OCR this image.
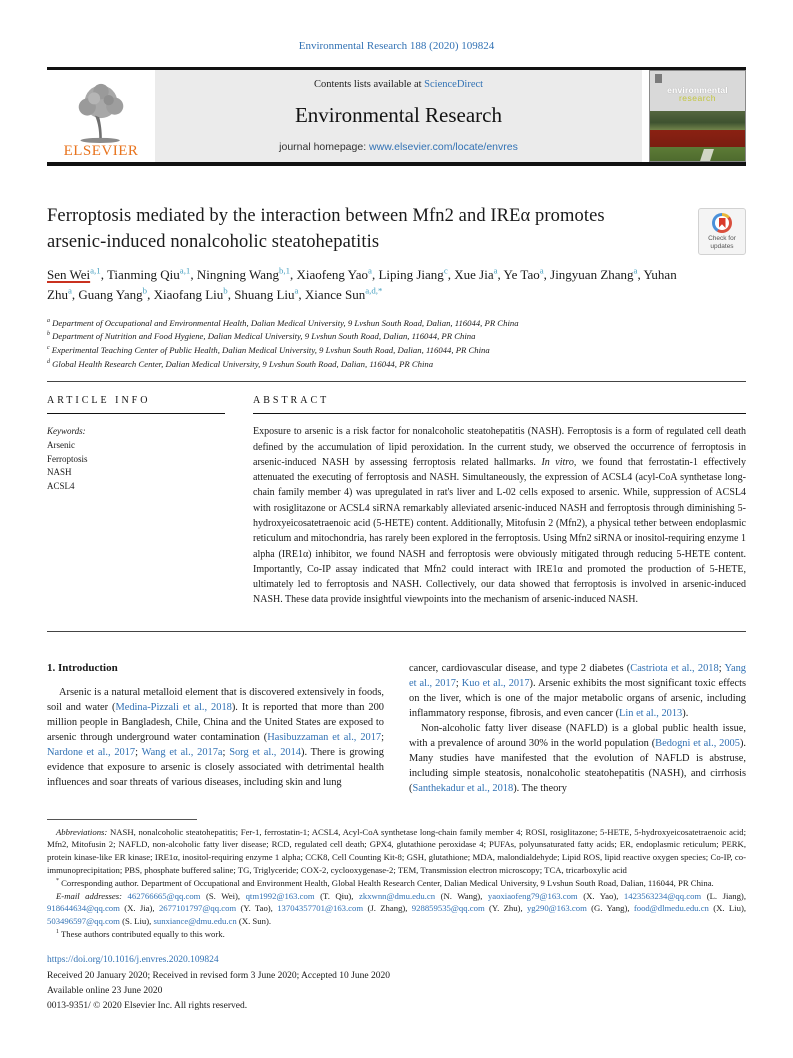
Environmental Research 188 (2020) 109824
ELSEVIER
Contents lists available at ScienceDirect
Environmental Research
journal homepage: www.elsevier.com/locate/envres
environmental
research
Ferroptosis mediated by the interaction between Mfn2 and IREα promotes arsenic-induced nonalcoholic steatohepatitis	Check for updates

Sen Wei$^{a,1}$, Tianming Qiu$^{a,1}$, Ningning Wang$^{b,1}$, Xiaofeng Yao$^a$, Liping Jiang$^c$, Xue Jia$^a$, Ye Tao$^a$, Jingyuan Zhang$^a$, Yuhan Zhu$^a$, Guang Yang$^b$, Xiaofang Liu$^b$, Shuang Liu$^a$, Xiance Sun$^{a,d,*}$

$^a$ Department of Occupational and Environmental Health, Dalian Medical University, 9 Lvshun South Road, Dalian, 116044, PR China
$^b$ Department of Nutrition and Food Hygiene, Dalian Medical University, 9 Lvshun South Road, Dalian, 116044, PR China
$^c$ Experimental Teaching Center of Public Health, Dalian Medical University, 9 Lvshun South Road, Dalian, 116044, PR China
$^d$ Global Health Research Center, Dalian Medical University, 9 Lvshun South Road, Dalian, 116044, PR China
ARTICLE INFO
Keywords:
Arsenic
Ferroptosis
NASH
ACSL4
ABSTRACT

Exposure to arsenic is a risk factor for nonalcoholic steatohepatitis (NASH). Ferroptosis is a form of regulated cell death defined by the accumulation of lipid peroxidation. In the current study, we observed the occurrence of ferroptosis in arsenic-induced NASH by assessing ferroptosis related hallmarks. In vitro, we found that ferrostatin-1 effectively attenuated the executing of ferroptosis and NASH. Simultaneously, the expression of ACSL4 (acyl-CoA synthetase long-chain family member 4) was upregulated in rat's liver and L-02 cells exposed to arsenic. While, suppression of ACSL4 with rosiglitazone or ACSL4 siRNA remarkably alleviated arsenic-induced NASH and ferroptosis through diminishing 5-hydroxyeicosatetraenoic acid (5-HETE) content. Additionally, Mitofusin 2 (Mfn2), a physical tether between endoplasmic reticulum and mitochondria, has rarely been explored in the ferroptosis. Using Mfn2 siRNA or inositol-requiring enzyme 1 alpha (IRE1α) inhibitor, we found NASH and ferroptosis were obviously mitigated through reducing 5-HETE content. Importantly, Co-IP assay indicated that Mfn2 could interact with IRE1α and promoted the production of 5-HETE, ultimately led to ferroptosis and NASH. Collectively, our data showed that ferroptosis is involved in arsenic-induced NASH. These data provide insightful viewpoints into the mechanism of arsenic-induced NASH.

1. Introduction

Arsenic is a natural metalloid element that is discovered extensively in foods, soil and water (Medina-Pizzali et al., 2018). It is reported that more than 200 million people in Bangladesh, Chile, China and the United States are exposed to arsenic through underground water contamination (Hasibuzzaman et al., 2017; Nardone et al., 2017; Wang et al., 2017a; Sorg et al., 2014). There is growing evidence that exposure to arsenic is closely associated with detrimental health influences and soar threats of various diseases, including skin and lung

cancer, cardiovascular disease, and type 2 diabetes (Castriota et al., 2018; Yang et al., 2017; Kuo et al., 2017). Arsenic exhibits the most significant toxic effects on the liver, which is one of the major metabolic organs of arsenic, including inflammatory response, fibrosis, and even cancer (Lin et al., 2013).

Non-alcoholic fatty liver disease (NAFLD) is a global public health issue, with a prevalence of around 30% in the world population (Bedogni et al., 2005). Many studies have manifested that the evolution of NAFLD is abstruse, including simple steatosis, nonalcoholic steatohepatitis (NASH), and cirrhosis (Santhekadur et al., 2018). The theory

Abbreviations: NASH, nonalcoholic steatohepatitis; Fer-1, ferrostatin-1; ACSL4, Acyl-CoA synthetase long-chain family member 4; ROSI, rosiglitazone; 5-HETE, 5-hydroxyeicosatetraenoic acid; Mfn2, Mitofusin 2; NAFLD, non-alcoholic fatty liver disease; RCD, regulated cell death; GPX4, glutathione peroxidase 4; PUFAs, polyunsaturated fatty acids; ER, endoplasmic reticulum; PERK, protein kinase-like ER kinase; IRE1α, inositol-requiring enzyme 1 alpha; CCK8, Cell Counting Kit-8; GSH, glutathione; MDA, malondialdehyde; Lipid ROS, lipid reactive oxygen species; Co-IP, co-immunoprecipitation; PBS, phosphate buffered saline; TG, Triglyceride; COX-2, cyclooxygenase-2; TEM, Transmission electron microscopy; TCA, tricarboxylic acid

* Corresponding author. Department of Occupational and Environment Health, Global Health Research Center, Dalian Medical University, 9 Lvshun South Road, Dalian, 116044, PR China.

E-mail addresses: 462766665@qq.com (S. Wei), qtm1992@163.com (T. Qiu), zkxwnn@dmu.edu.cn (N. Wang), yaoxiaofeng79@163.com (X. Yao), 1423563234@qq.com (L. Jiang), 918644634@qq.com (X. Jia), 2677101797@qq.com (Y. Tao), 13704357701@163.com (J. Zhang), 928859535@qq.com (Y. Zhu), yg290@163.com (G. Yang), food@dlmedu.edu.cn (X. Liu), 503496597@qq.com (S. Liu), sunxiance@dmu.edu.cn (X. Sun).

$^1$ These authors contributed equally to this work.

https://doi.org/10.1016/j.envres.2020.109824
Received 20 January 2020; Received in revised form 3 June 2020; Accepted 10 June 2020
Available online 23 June 2020
0013-9351/ © 2020 Elsevier Inc. All rights reserved.
